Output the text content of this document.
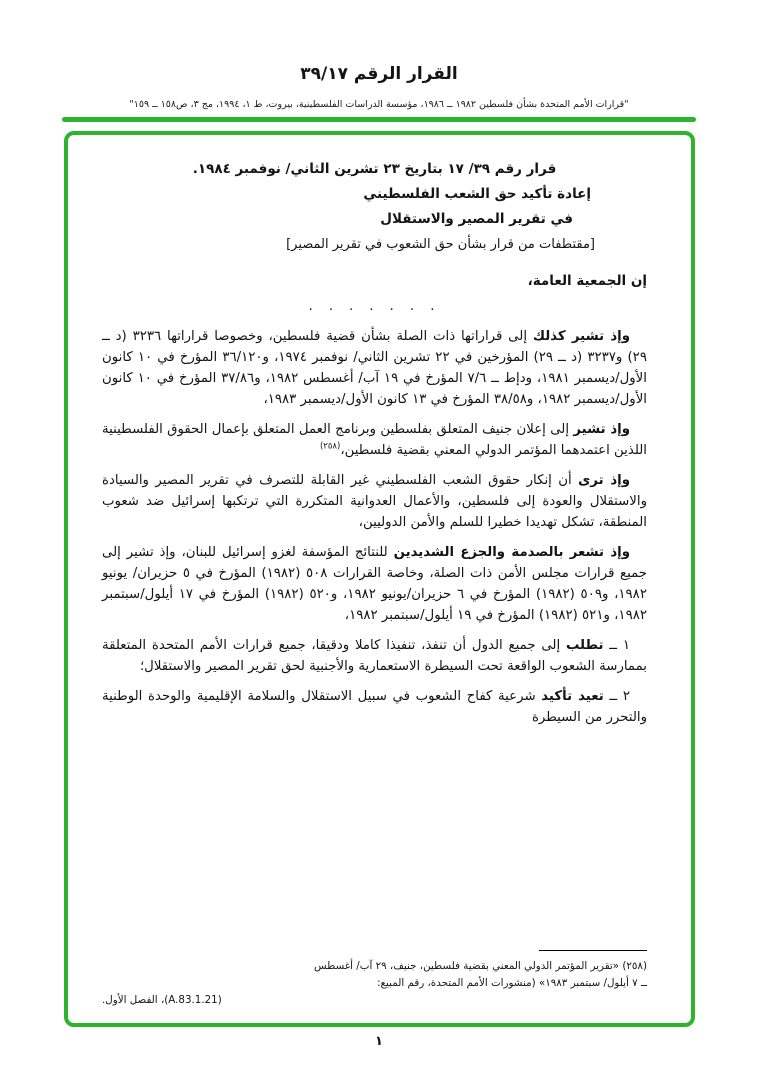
القرار الرقم ٣٩/١٧
"قرارات الأمم المتحدة بشأن فلسطين ١٩٨٢ ــ ١٩٨٦، مؤسسة الدراسات الفلسطينية، بيروت، ط ١، ١٩٩٤، مج ٣، ص١٥٨ ــ ١٥٩"
قرار رقم ٣٩/ ١٧ بتاريخ ٢٣ تشرين الثاني/ نوفمبر ١٩٨٤.
إعادة تأكيد حق الشعب الفلسطيني
في تقرير المصير والاستقلال
[مقتطفات من قرار بشأن حق الشعوب في تقرير المصير]
إن الجمعية العامة،
. . . . . . .

وإذ تشير كذلك إلى قراراتها ذات الصلة بشأن قضية فلسطين، وخصوصا قراراتها ٣٢٣٦ (د ــ ٢٩) و٣٢٣٧ (د ــ ٢٩) المؤرخين في ٢٢ تشرين الثاني/ نوفمبر ١٩٧٤، و٣٦/١٢٠ المؤرخ في ١٠ كانون الأول/ديسمبر ١٩٨١، ودإط ــ ٧/٦ المؤرخ في ١٩ آب/ أغسطس ١٩٨٢، و٣٧/٨٦ المؤرخ في ١٠ كانون الأول/ديسمبر ١٩٨٢، و٣٨/٥٨ المؤرخ في ١٣ كانون الأول/ديسمبر ١٩٨٣،

وإذ تشير إلى إعلان جنيف المتعلق بفلسطين وبرنامج العمل المتعلق بإعمال الحقوق الفلسطينية اللذين اعتمدهما المؤتمر الدولي المعني بقضية فلسطين،$^{(٢٥٨)}$

وإذ ترى أن إنكار حقوق الشعب الفلسطيني غير القابلة للتصرف في تقرير المصير والسيادة والاستقلال والعودة إلى فلسطين، والأعمال العدوانية المتكررة التي ترتكبها إسرائيل ضد شعوب المنطقة، تشكل تهديدا خطيرا للسلم والأمن الدوليين،

وإذ تشعر بالصدمة والجزع الشديدين للنتائج المؤسفة لغزو إسرائيل للبنان، وإذ تشير إلى جميع قرارات مجلس الأمن ذات الصلة، وخاصة القرارات ٥٠٨ (١٩٨٢) المؤرخ في ٥ حزيران/ يونيو ١٩٨٢، و٥٠٩ (١٩٨٢) المؤرخ في ٦ حزيران/يونيو ١٩٨٢، و٥٢٠ (١٩٨٢) المؤرخ في ١٧ أيلول/سبتمبر ١٩٨٢، و٥٢١ (١٩٨٢) المؤرخ في ١٩ أيلول/سبتمبر ١٩٨٢،

١ ــ تطلب إلى جميع الدول أن تنفذ، تنفيذا كاملا ودقيقا، جميع قرارات الأمم المتحدة المتعلقة بممارسة الشعوب الواقعة تحت السيطرة الاستعمارية والأجنبية لحق تقرير المصير والاستقلال؛

٢ ــ تعيد تأكيد شرعية كفاح الشعوب في سبيل الاستقلال والسلامة الإقليمية والوحدة الوطنية والتحرر من السيطرة

(٢٥٨) «تقرير المؤتمر الدولي المعني بقضية فلسطين، جنيف، ٢٩ آب/ أغسطس
ــ ٧ أيلول/ سبتمبر ١٩٨٣» (منشورات الأمم المتحدة، رقم المبيع:
(A.83.1.21)، الفصل الأول.
١
